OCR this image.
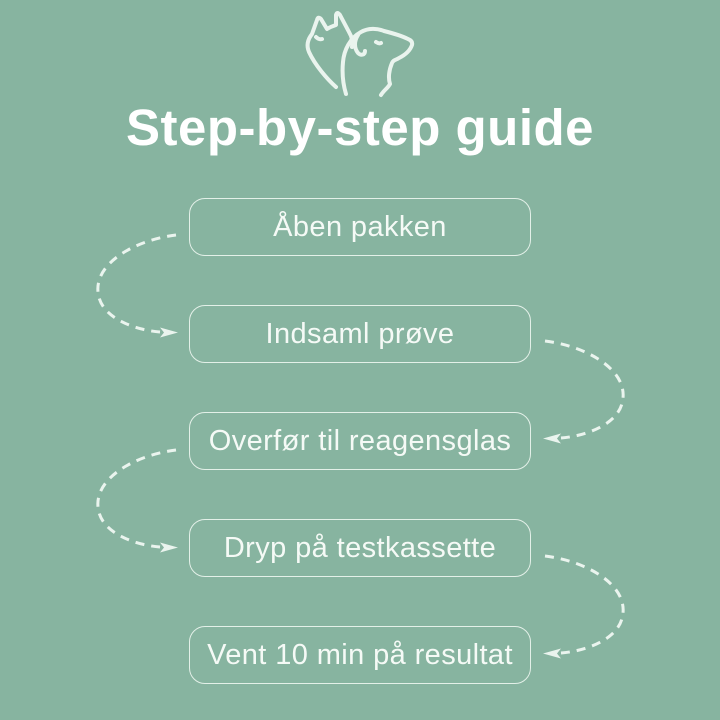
Step-by-step guide
Åben pakken
Indsaml prøve
Overfør til reagensglas
Dryp på testkassette
Vent 10 min på resultat
